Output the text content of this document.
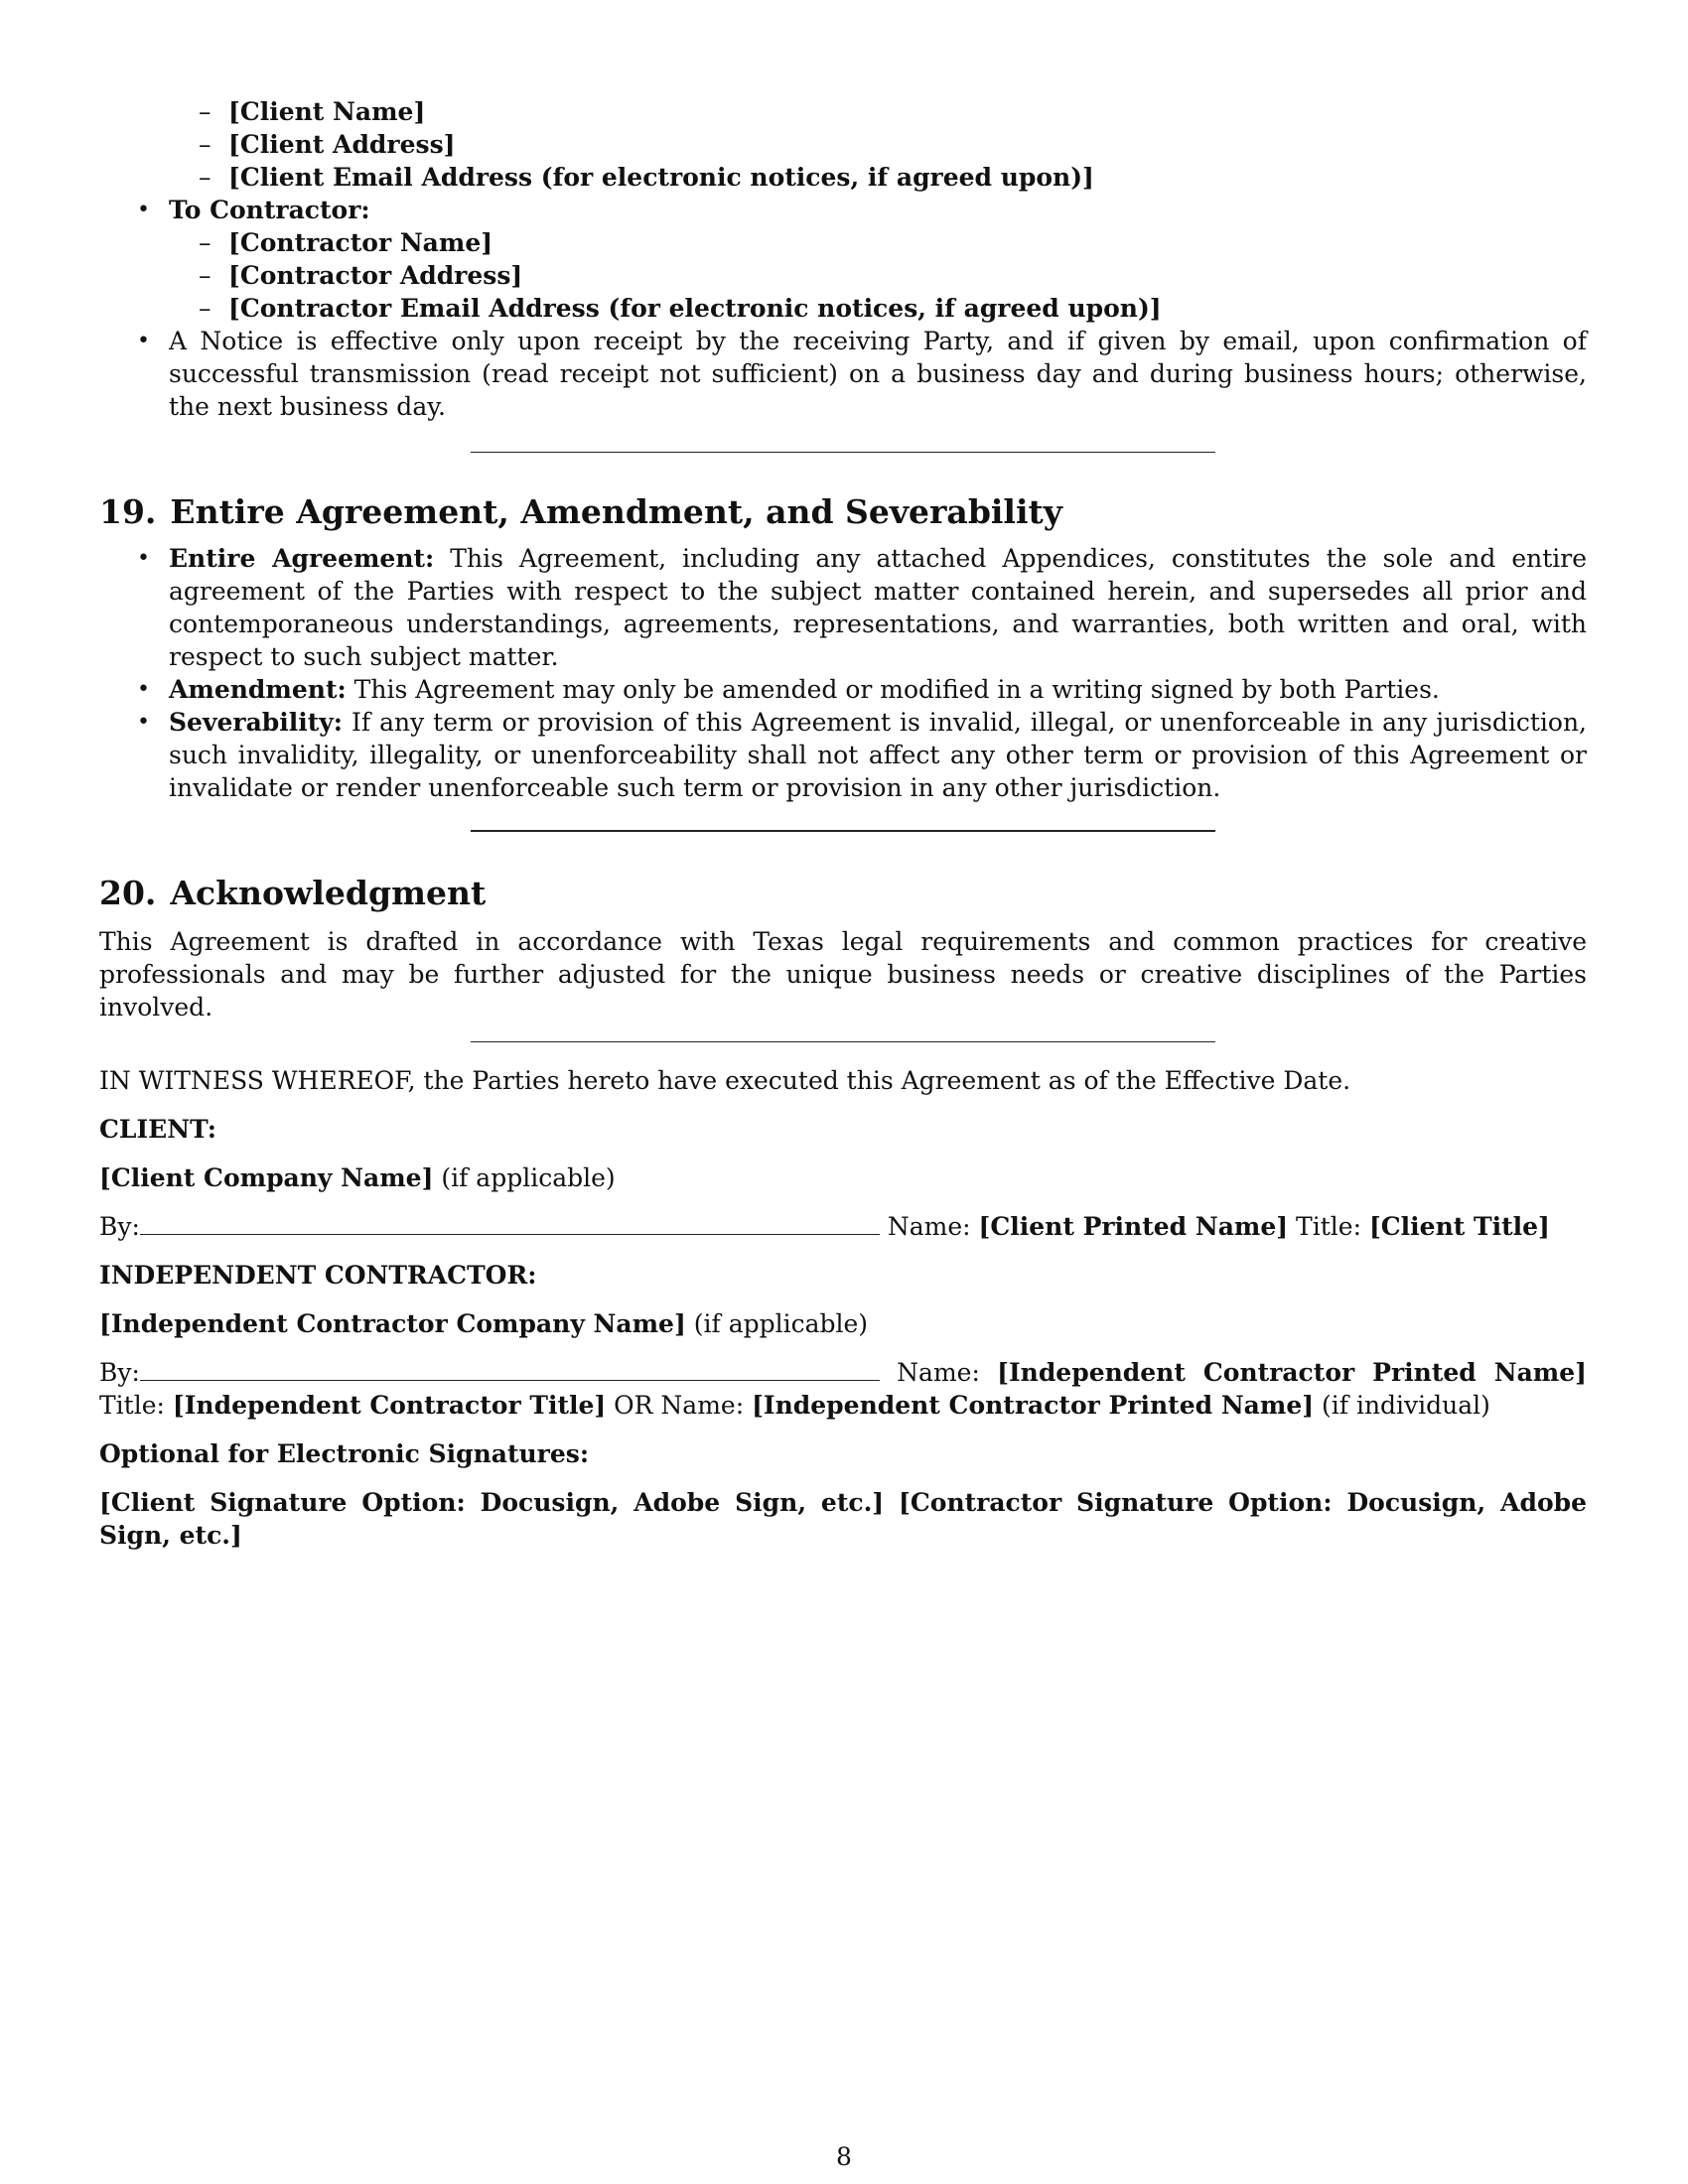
– [Client Name]
– [Client Address]
– [Client Email Address (for electronic notices, if agreed upon)]
• To Contractor:
– [Contractor Name]
– [Contractor Address]
– [Contractor Email Address (for electronic notices, if agreed upon)]
• A Notice is effective only upon receipt by the receiving Party, and if given by email, upon confirmation of successful transmission (read receipt not sufficient) on a business day and during business hours; otherwise, the next business day.
19. Entire Agreement, Amendment, and Severability
• Entire Agreement: This Agreement, including any attached Appendices, constitutes the sole and entire agreement of the Parties with respect to the subject matter contained herein, and supersedes all prior and contemporaneous understandings, agreements, representations, and warranties, both written and oral, with respect to such subject matter.
• Amendment: This Agreement may only be amended or modified in a writing signed by both Parties.
• Severability: If any term or provision of this Agreement is invalid, illegal, or unenforceable in any jurisdiction, such invalidity, illegality, or unenforceability shall not affect any other term or provision of this Agreement or invalidate or render unenforceable such term or provision in any other jurisdiction.
20. Acknowledgment

This Agreement is drafted in accordance with Texas legal requirements and common practices for creative professionals and may be further adjusted for the unique business needs or creative disciplines of the Parties involved.

IN WITNESS WHEREOF, the Parties hereto have executed this Agreement as of the Effective Date.

CLIENT:

[Client Company Name] (if applicable)

By:	Name: [Client Printed Name] Title: [Client Title]

INDEPENDENT CONTRACTOR:

[Independent Contractor Company Name] (if applicable)

By:	Name: [Independent Contractor Printed Name] Title: [Independent Contractor Title] OR Name: [Independent Contractor Printed Name] (if individual)

Optional for Electronic Signatures:

[Client Signature Option: Docusign, Adobe Sign, etc.] [Contractor Signature Option: Docusign, Adobe Sign, etc.]

8
